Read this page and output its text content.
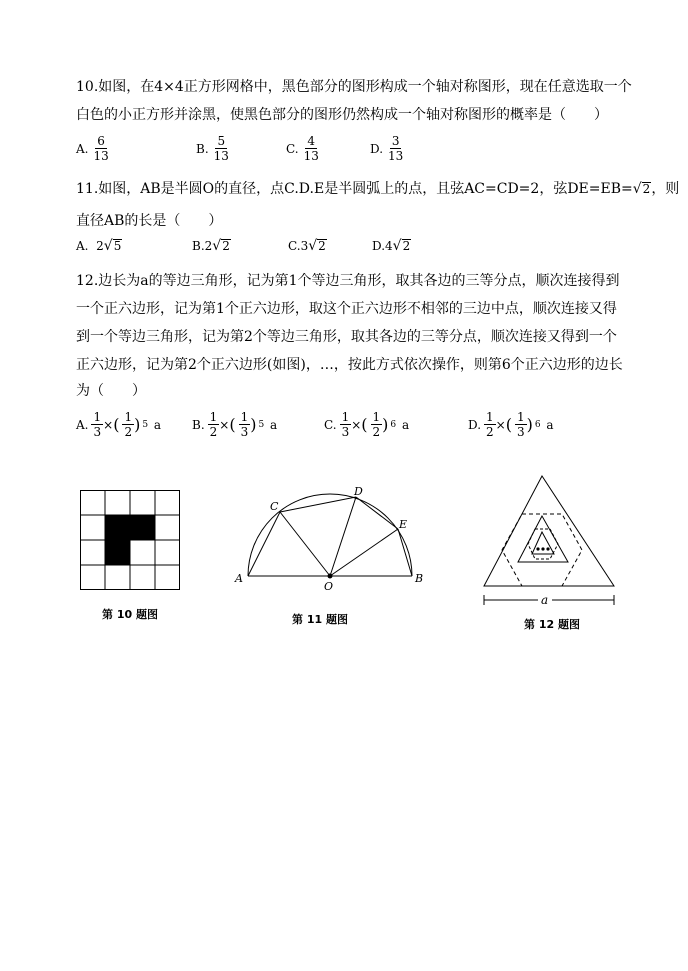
10.如图，在4×4正方形网格中，黑色部分的图形构成一个轴对称图形，现在任意选取一个
白色的小正方形并涂黑，使黑色部分的图形仍然构成一个轴对称图形的概率是（　　）
A. $\frac{6}{13}$	B. $\frac{5}{13}$	C. $\frac{4}{13}$	D. $\frac{3}{13}$
11.如图，AB是半圆O的直径，点C.D.E是半圆弧上的点，且弦AC=CD=2，弦DE=EB= √ 2 ，则
直径AB的长是（　　）
A.
2 √ 5	B. 2 √ 2	C. 3 √ 2	D. 4 √ 2
12.边长为a的等边三角形，记为第1个等边三角形，取其各边的三等分点，顺次连接得到
一个正六边形，记为第1个正六边形，取这个正六边形不相邻的三边中点，顺次连接又得
到一个等边三角形，记为第2个等边三角形，取其各边的三等分点，顺次连接又得到一个
正六边形，记为第2个正六边形(如图)，…，按此方式依次操作，则第6个正六边形的边长
为（　　）
A. $\frac{1}{3}$ × ( $\frac{1}{2}$ ) 5
a	B. $\frac{1}{2}$ × ( $\frac{1}{3}$ ) 5
a	C. $\frac{1}{3}$ × ( $\frac{1}{2}$ ) 6
a	D. $\frac{1}{2}$ × ( $\frac{1}{3}$ ) 6
a
第 10 题图
A	B
C
D
E
O
第 11 题图
a
第 12 题图
